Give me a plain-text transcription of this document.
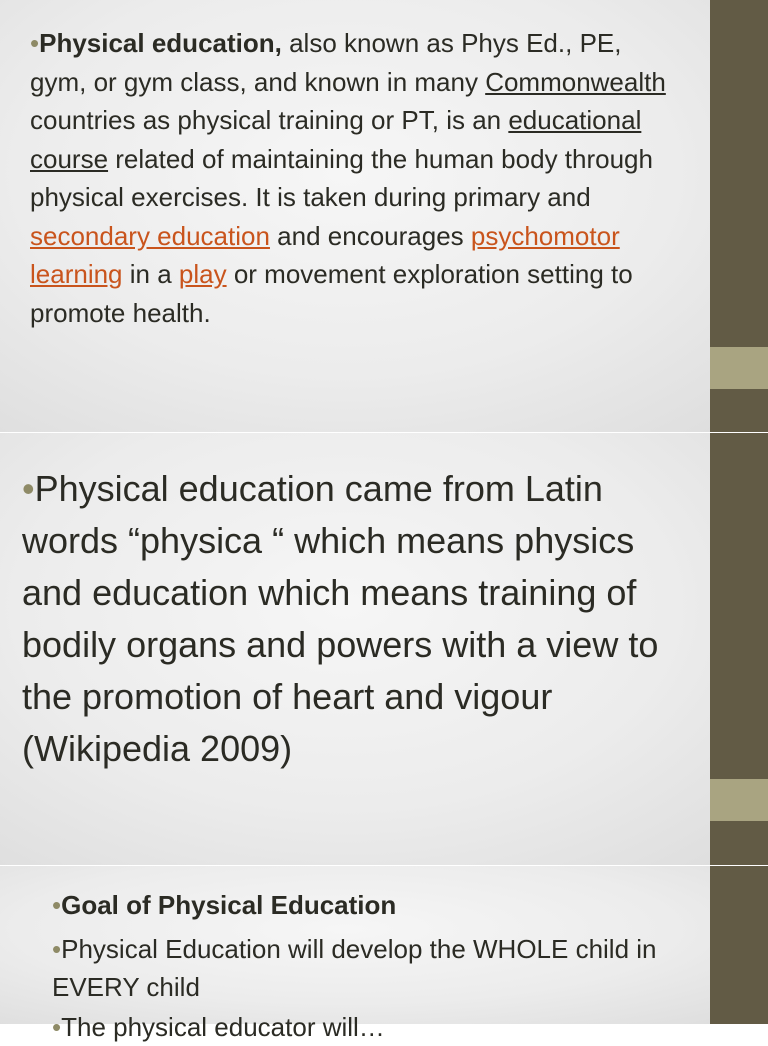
•Physical education, also known as Phys Ed., PE, gym, or gym class, and known in many Commonwealth countries as physical training or PT, is an educational course related of maintaining the human body through physical exercises. It is taken during primary and secondary education and encourages psychomotor learning in a play or movement exploration setting to promote health.

•Physical education came from Latin words “physica “ which means physics and education which means training of bodily organs and powers with a view to the promotion of heart and vigour (Wikipedia 2009)

•Goal of Physical Education

•Physical Education will develop the WHOLE child in EVERY child

•The physical educator will…
